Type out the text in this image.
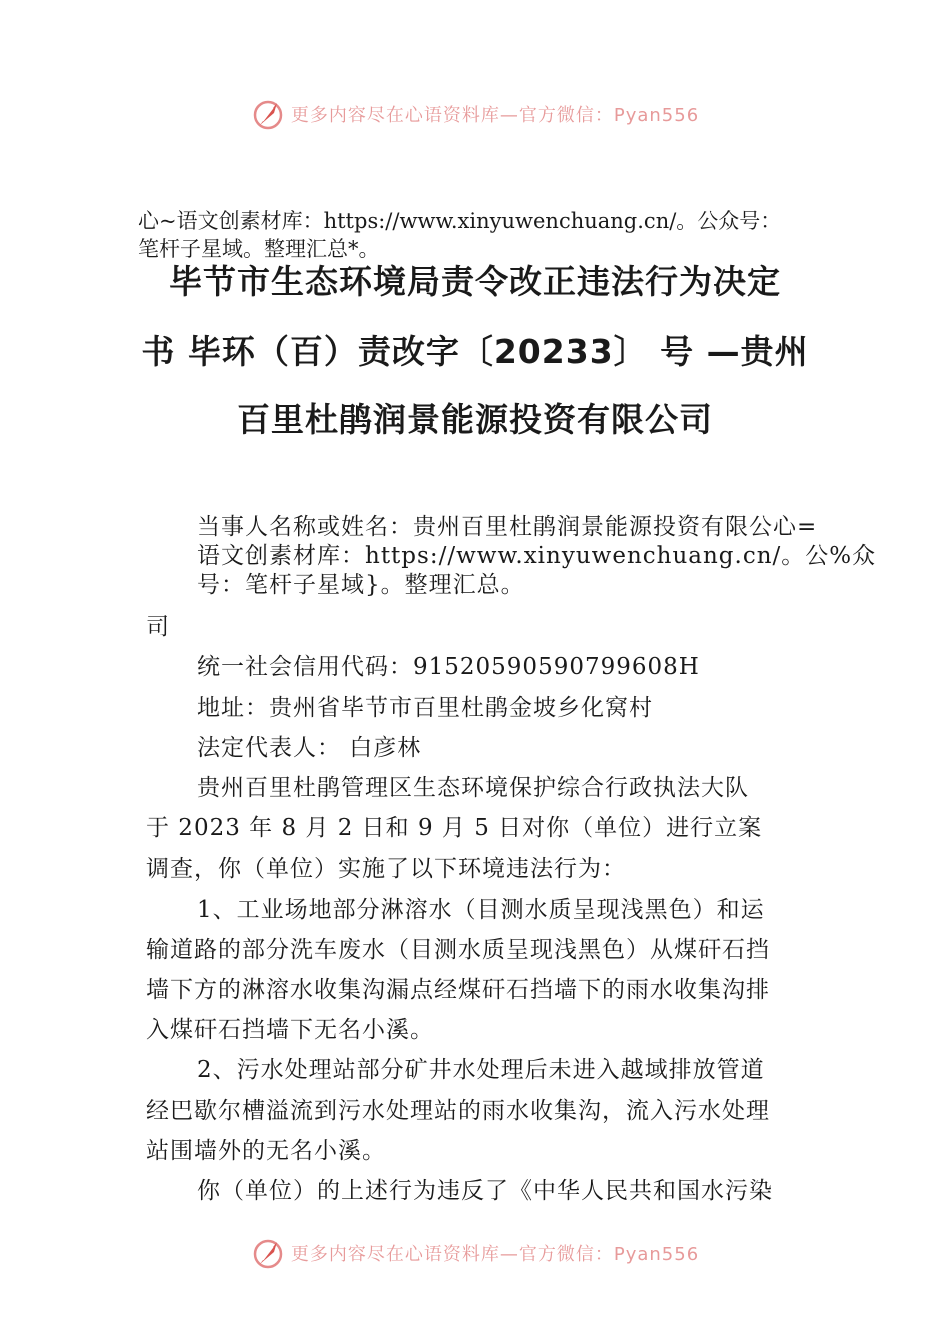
更多内容尽在心语资料库—官方微信：Pyan556
心~语文创素材库：https://www.xinyuwenchuang.cn/。公众号：
笔杆子星域。整理汇总*。
毕节市生态环境局责令改正违法行为决定
书 毕环（百）责改字〔20233〕 号 —贵州
百里杜鹃润景能源投资有限公司
当事人名称或姓名：贵州百里杜鹃润景能源投资有限公心=
语文创素材库：https://www.xinyuwenchuang.cn/。公%众
号：笔杆子星域}。整理汇总。
司
统一社会信用代码：91520590590799608H
地址：贵州省毕节市百里杜鹃金坡乡化窝村
法定代表人： 白彦林
贵州百里杜鹃管理区生态环境保护综合行政执法大队
于 2023 年 8 月 2 日和 9 月 5 日对你（单位）进行立案
调查，你（单位）实施了以下环境违法行为：
1、工业场地部分淋溶水（目测水质呈现浅黑色）和运
输道路的部分洗车废水（目测水质呈现浅黑色）从煤矸石挡
墙下方的淋溶水收集沟漏点经煤矸石挡墙下的雨水收集沟排
入煤矸石挡墙下无名小溪。
2、污水处理站部分矿井水处理后未进入越域排放管道
经巴歇尔槽溢流到污水处理站的雨水收集沟，流入污水处理
站围墙外的无名小溪。
你（单位）的上述行为违反了《中华人民共和国水污染
更多内容尽在心语资料库—官方微信：Pyan556
